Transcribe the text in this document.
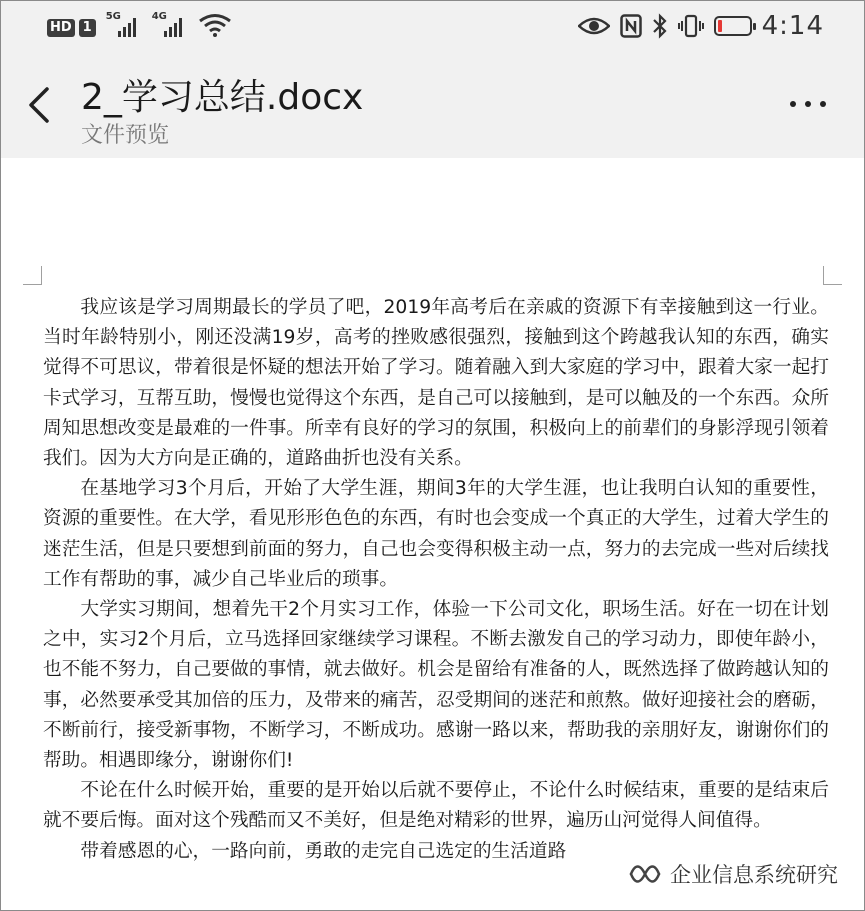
HD 1
5G	4G	4:14
2_学习总结.docx
文件预览

我应该是学习周期最长的学员了吧，2019年高考后在亲戚的资源下有幸接触到这一行业。当时年龄特别小，刚还没满19岁，高考的挫败感很强烈，接触到这个跨越我认知的东西，确实觉得不可思议，带着很是怀疑的想法开始了学习。随着融入到大家庭的学习中，跟着大家一起打卡式学习，互帮互助，慢慢也觉得这个东西，是自己可以接触到，是可以触及的一个东西。众所周知思想改变是最难的一件事。所幸有良好的学习的氛围，积极向上的前辈们的身影浮现引领着我们。因为大方向是正确的，道路曲折也没有关系。

在基地学习3个月后，开始了大学生涯，期间3年的大学生涯，也让我明白认知的重要性，资源的重要性。在大学，看见形形色色的东西，有时也会变成一个真正的大学生，过着大学生的迷茫生活，但是只要想到前面的努力，自己也会变得积极主动一点，努力的去完成一些对后续找工作有帮助的事，减少自己毕业后的琐事。

大学实习期间，想着先干2个月实习工作，体验一下公司文化，职场生活。好在一切在计划之中，实习2个月后，立马选择回家继续学习课程。不断去激发自己的学习动力，即使年龄小，也不能不努力，自己要做的事情，就去做好。机会是留给有准备的人，既然选择了做跨越认知的事，必然要承受其加倍的压力，及带来的痛苦，忍受期间的迷茫和煎熬。做好迎接社会的磨砺，不断前行，接受新事物，不断学习，不断成功。感谢一路以来，帮助我的亲朋好友，谢谢你们的帮助。相遇即缘分，谢谢你们!

不论在什么时候开始，重要的是开始以后就不要停止，不论什么时候结束，重要的是结束后就不要后悔。面对这个残酷而又不美好，但是绝对精彩的世界，遍历山河觉得人间值得。

带着感恩的心，一路向前，勇敢的走完自己选定的生活道路

企业信息系统研究
